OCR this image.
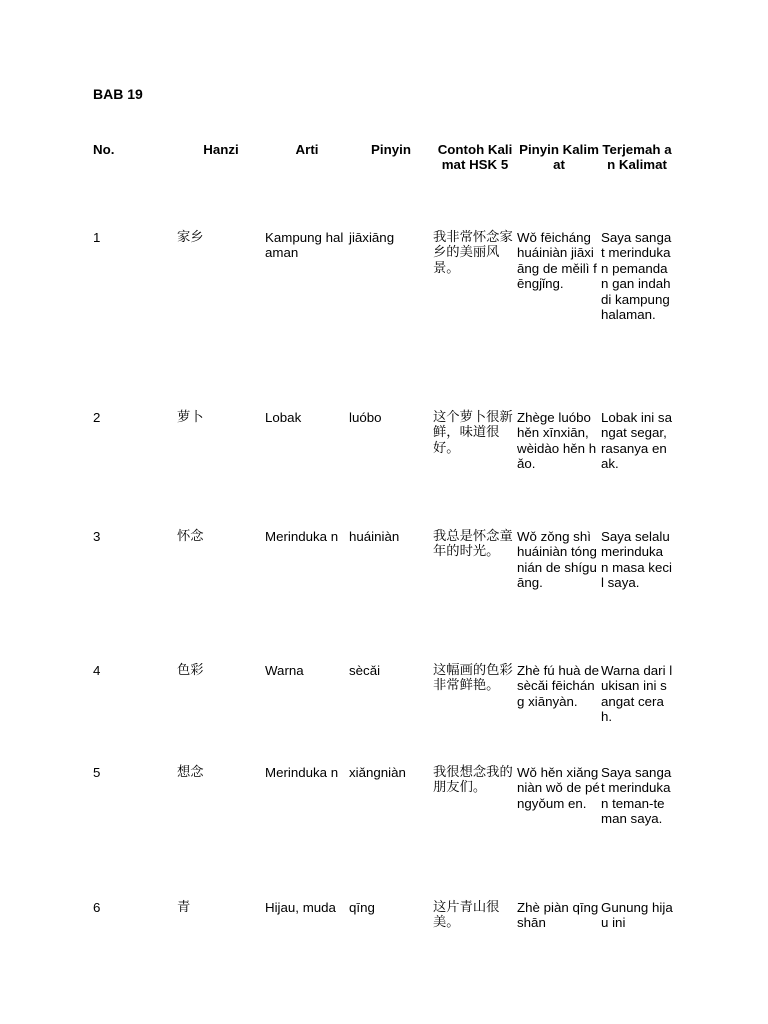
BAB 19
No.	Hanzi	Arti	Pinyin	Contoh Kalimat HSK 5	Pinyin Kalimat	Terjemah an Kalimat
1	家乡	Kampung halaman	jiāxiāng	我非常怀念家乡的美丽风景。	Wǒ fēicháng huáiniàn jiāxiāng de měilì fēngjǐng.	Saya sangat merinduka n pemandan gan indah di kampung halaman.
2	萝卜	Lobak	luóbo	这个萝卜很新鲜，味道很好。	Zhège luóbo hěn xīnxiān, wèidào hěn hǎo.	Lobak ini sangat segar, rasanya enak.
3	怀念	Merinduka n	huáiniàn	我总是怀念童年的时光。	Wǒ zǒng shì huáiniàn tóngnián de shíguāng.	Saya selalu merinduka n masa kecil saya.
4	色彩	Warna	sècǎi	这幅画的色彩非常鲜艳。	Zhè fú huà de sècǎi fēicháng xiānyàn.	Warna dari lukisan ini sangat cerah.
5	想念	Merinduka n	xiǎngniàn	我很想念我的朋友们。	Wǒ hěn xiǎngniàn wǒ de péngyǒum en.	Saya sangat merinduka n teman-teman saya.
6	青	Hijau, muda	qīng	这片青山很美。	Zhè piàn qīngshān	Gunung hijau ini
